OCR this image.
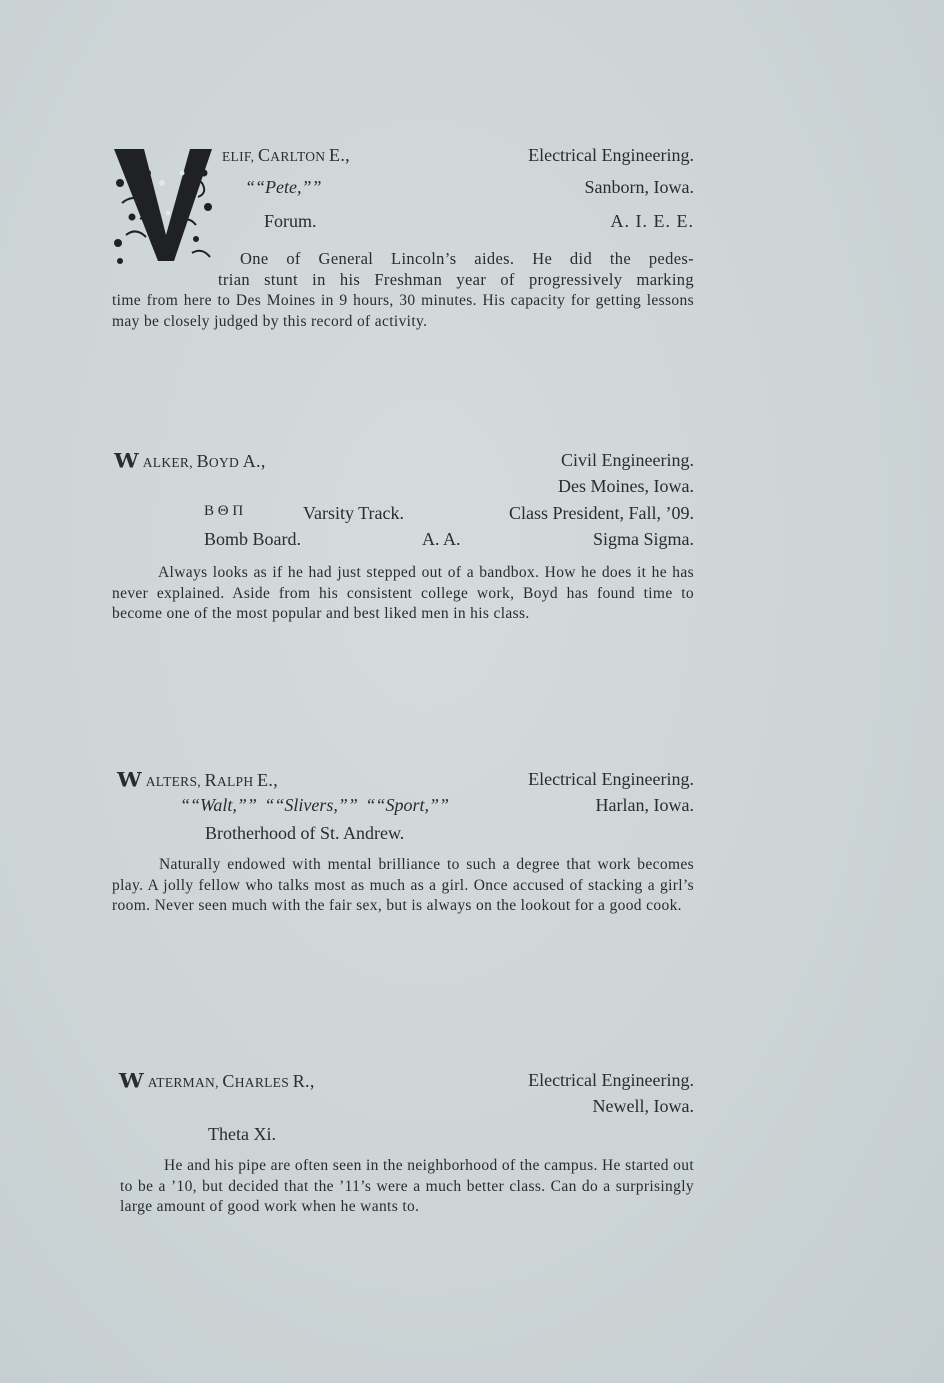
ELIF, CARLTON E.,	Electrical Engineering.
““Pete,””	Sanborn, Iowa.
Forum.	A. I. E. E.
One of General Lincoln’s aides. He did the pedes-
trian stunt in his Freshman year of progressively marking
time from here to Des Moines in 9 hours, 30 minutes. His capacity for getting lessons may be closely judged by this record of activity.
WALKER, BOYD A.,	Civil Engineering.
Des Moines, Iowa.
B Θ Π	Varsity Track.	Class President, Fall, ’09.
Bomb Board.	A. A.	Sigma Sigma.
Always looks as if he had just stepped out of a bandbox. How he does it he has never explained. Aside from his consistent college work, Boyd has found time to become one of the most popular and best liked men in his class.
WALTERS, RALPH E.,	Electrical Engineering.
““Walt,”” ““Slivers,”” ““Sport,””	Harlan, Iowa.
Brotherhood of St. Andrew.
Naturally endowed with mental brilliance to such a degree that work becomes play. A jolly fellow who talks most as much as a girl. Once accused of stacking a girl’s room. Never seen much with the fair sex, but is always on the lookout for a good cook.
WATERMAN, CHARLES R.,	Electrical Engineering.
Newell, Iowa.
Theta Xi.
He and his pipe are often seen in the neighborhood of the campus. He started out to be a ’10, but decided that the ’11’s were a much better class. Can do a surprisingly large amount of good work when he wants to.
